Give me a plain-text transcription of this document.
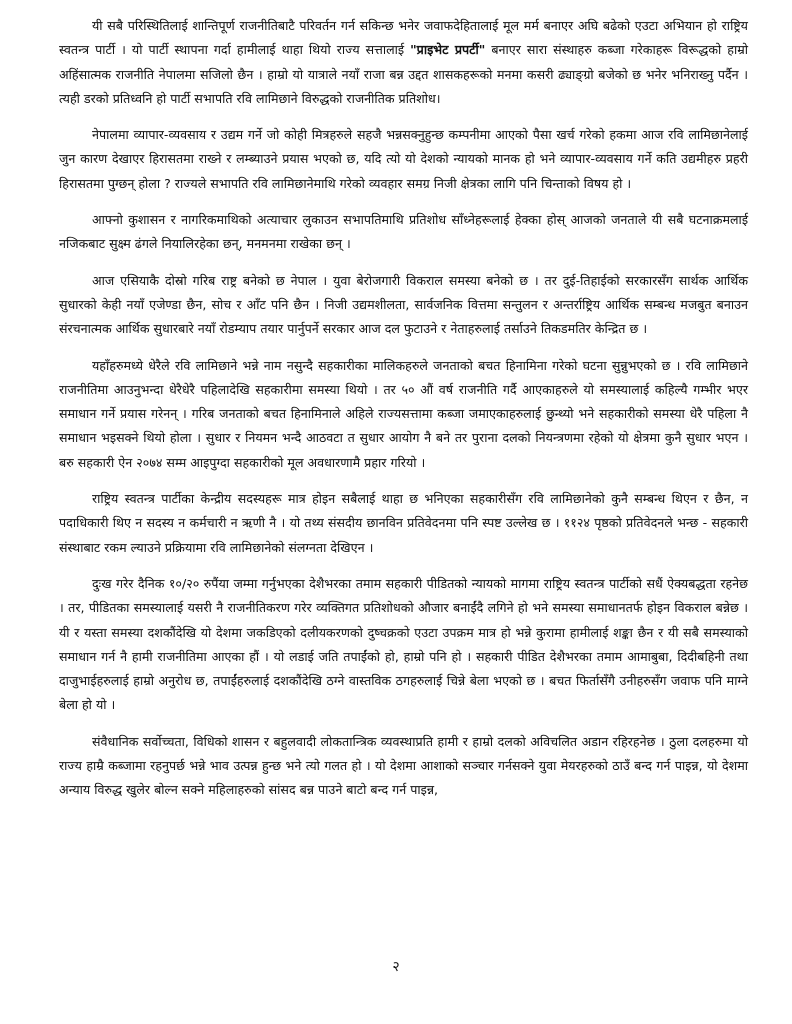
यी सबै परिस्थितिलाई शान्तिपूर्ण राजनीतिबाटै परिवर्तन गर्न सकिन्छ भनेर जवाफदेहितालाई मूल मर्म बनाएर अघि बढेको एउटा अभियान हो राष्ट्रिय स्वतन्त्र पार्टी । यो पार्टी स्थापना गर्दा हामीलाई थाहा थियो राज्य सत्तालाई "प्राइभेट प्रपर्टी" बनाएर सारा संस्थाहरु कब्जा गरेकाहरू विरूद्धको हाम्रो अहिंसात्मक राजनीति नेपालमा सजिलो छैन । हाम्रो यो यात्राले नयाँ राजा बन्न उद्दत शासकहरूको मनमा कसरी ढ्याङ्ग्रो बजेको छ भनेर भनिराख्नु पर्दैन । त्यही डरको प्रतिध्वनि हो पार्टी सभापति रवि लामिछाने विरुद्धको राजनीतिक प्रतिशोध।

नेपालमा व्यापार-व्यवसाय र उद्यम गर्ने जो कोही मित्रहरुले सहजै भन्नसक्नुहुन्छ कम्पनीमा आएको पैसा खर्च गरेको हकमा आज रवि लामिछानेलाई जुन कारण देखाएर हिरासतमा राख्ने र लम्ब्याउने प्रयास भएको छ, यदि त्यो यो देशको न्यायको मानक हो भने व्यापार-व्यवसाय गर्ने कति उद्यमीहरु प्रहरी हिरासतमा पुग्छन् होला ? राज्यले सभापति रवि लामिछानेमाथि गरेको व्यवहार समग्र निजी क्षेत्रका लागि पनि चिन्ताको विषय हो ।

आफ्नो कुशासन र नागरिकमाथिको अत्याचार लुकाउन सभापतिमाथि प्रतिशोध साँध्नेहरूलाई हेक्का होस् आजको जनताले यी सबै घटनाक्रमलाई नजिकबाट सुक्ष्म ढंगले नियालिरहेका छन्, मनमनमा राखेका छन् ।

आज एसियाकै दोस्रो गरिब राष्ट्र बनेको छ नेपाल । युवा बेरोजगारी विकराल समस्या बनेको छ । तर दुई-तिहाईको सरकारसँग सार्थक आर्थिक सुधारको केही नयाँ एजेण्डा छैन, सोच र आँट पनि छैन । निजी उद्यमशीलता, सार्वजनिक वित्तमा सन्तुलन र अन्तर्राष्ट्रिय आर्थिक सम्बन्ध मजबुत बनाउन संरचनात्मक आर्थिक सुधारबारे नयाँ रोडम्याप तयार पार्नुपर्ने सरकार आज दल फुटाउने र नेताहरुलाई तर्साउने तिकडमतिर केन्द्रित छ ।

यहाँहरुमध्ये धेरैले रवि लामिछाने भन्ने नाम नसुन्दै सहकारीका मालिकहरुले जनताको बचत हिनामिना गरेको घटना सुन्नुभएको छ । रवि लामिछाने राजनीतिमा आउनुभन्दा धेरैधेरै पहिलादेखि सहकारीमा समस्या थियो । तर ५० औं वर्ष राजनीति गर्दै आएकाहरुले यो समस्यालाई कहिल्यै गम्भीर भएर समाधान गर्ने प्रयास गरेनन् । गरिब जनताको बचत हिनामिनाले अहिले राज्यसत्तामा कब्जा जमाएकाहरुलाई छुन्थ्यो भने सहकारीको समस्या धेरै पहिला नै समाधान भइसक्ने थियो होला । सुधार र नियमन भन्दै आठवटा त सुधार आयोग नै बने तर पुराना दलको नियन्त्रणमा रहेको यो क्षेत्रमा कुनै सुधार भएन । बरु सहकारी ऐन २०७४ सम्म आइपुग्दा सहकारीको मूल अवधारणामै प्रहार गरियो ।

राष्ट्रिय स्वतन्त्र पार्टीका केन्द्रीय सदस्यहरू मात्र होइन सबैलाई थाहा छ भनिएका सहकारीसँग रवि लामिछानेको कुनै सम्बन्ध थिएन र छैन, न पदाधिकारी थिए न सदस्य न कर्मचारी न ऋणी नै । यो तथ्य संसदीय छानविन प्रतिवेदनमा पनि स्पष्ट उल्लेख छ । ११२४ पृष्ठको प्रतिवेदनले भन्छ - सहकारी संस्थाबाट रकम ल्याउने प्रक्रियामा रवि लामिछानेको संलग्नता देखिएन ।

दुःख गरेर दैनिक १०/२० रुपैंया जम्मा गर्नुभएका देशैभरका तमाम सहकारी पीडितको न्यायको मागमा राष्ट्रिय स्वतन्त्र पार्टीको सधैं ऐक्यबद्धता रहनेछ । तर, पीडितका समस्यालाई यसरी नै राजनीतिकरण गरेर व्यक्तिगत प्रतिशोधको औजार बनाईंदै लगिने हो भने समस्या समाधानतर्फ होइन विकराल बन्नेछ । यी र यस्ता समस्या दशकौंदेखि यो देशमा जकडिएको दलीयकरणको दुष्चक्रको एउटा उपक्रम मात्र हो भन्ने कुरामा हामीलाई शङ्का छैन र यी सबै समस्याको समाधान गर्न नै हामी राजनीतिमा आएका हौं । यो लडाई जति तपाईंको हो, हाम्रो पनि हो । सहकारी पीडित देशैभरका तमाम आमाबुबा, दिदीबहिनी तथा दाजुभाईहरुलाई हाम्रो अनुरोध छ, तपाईंहरुलाई दशकौंदेखि ठग्ने वास्तविक ठगहरुलाई चिन्ने बेला भएको छ । बचत फिर्तासँगै उनीहरुसँग जवाफ पनि माग्ने बेला हो यो ।

संवैधानिक सर्वोच्चता, विधिको शासन र बहुलवादी लोकतान्त्रिक व्यवस्थाप्रति हामी र हाम्रो दलको अविचलित अडान रहिरहनेछ । ठुला दलहरुमा यो राज्य हाम्रै कब्जामा रहनुपर्छ भन्ने भाव उत्पन्न हुन्छ भने त्यो गलत हो । यो देशमा आशाको सञ्चार गर्नसक्ने युवा मेयरहरुको ठाउँ बन्द गर्न पाइन्न, यो देशमा अन्याय विरुद्ध खुलेर बोल्न सक्ने महिलाहरुको सांसद बन्न पाउने बाटो बन्द गर्न पाइन्न,

२
